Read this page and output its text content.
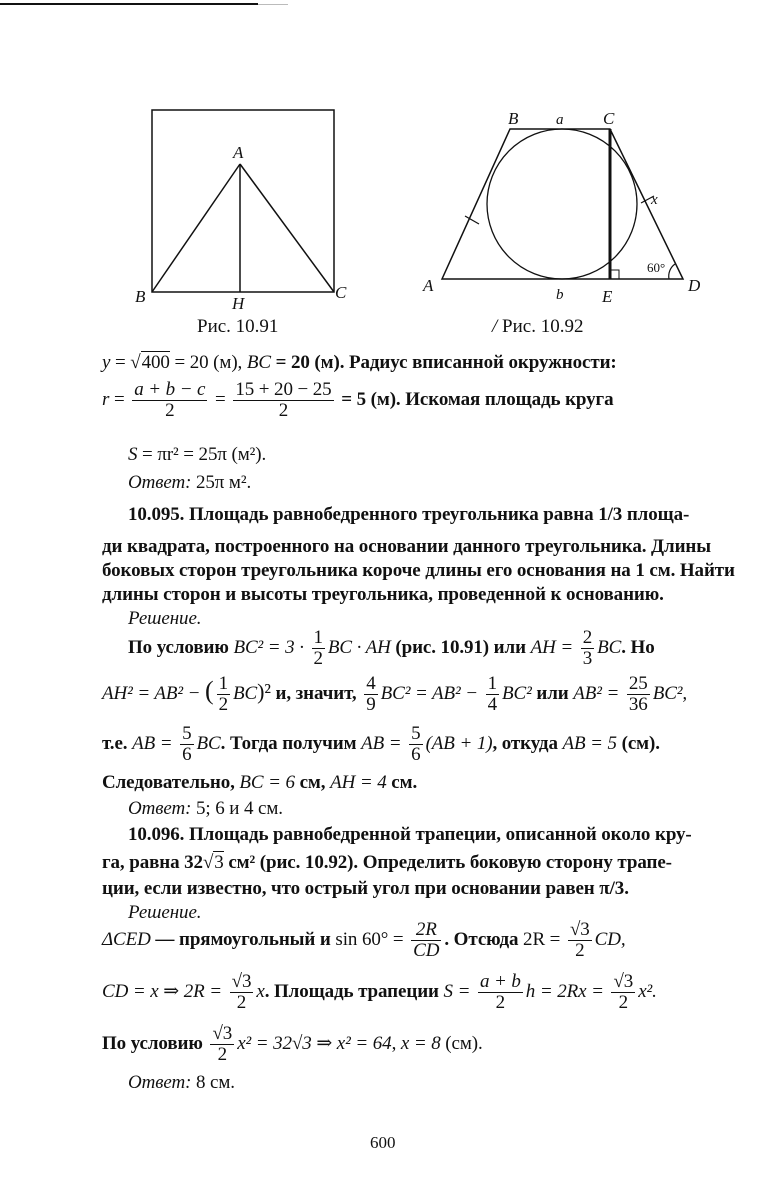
A
B	C
H
Рис. 10.91
B	a C
x
60°
A	b E
D
/ Рис. 10.92
y = √400 = 20 (м), BC = 20 (м). Радиус вписанной окружности:
$r = \frac{a + b - c}{2} = \frac{15 + 20 - 25}{2} = 5$ (м). Искомая площадь круга
S = πr² = 25π (м²).
Ответ: 25π м².
10.095. Площадь равнобедренного треугольника равна 1/3 площа-
ди квадрата, построенного на основании данного треугольника. Длины
боковых сторон треугольника короче длины его основания на 1 см. Найти
длины сторон и высоты треугольника, проведенной к основанию.
Решение.
По условию $BC^2 = 3 \cdot \frac{1}{2}$ BC · AH (рис. 10.91) или AH = $\frac{2}{3}$ BC. Но
AH² = AB² − ( $\frac{1}{2} BC)^2$ и, значит, $\frac{4}{9} BC^2 = AB^2 - \frac{1}{4} BC^2$ или $AB^2 = \frac{25}{36} BC^2$,
т.е. AB = $\frac{5}{6}$ BC. Тогда получим AB = $\frac{5}{6} (AB + 1)$, откуда AB = 5 (см).
Следовательно, BC = 6 см, AH = 4 см.
Ответ: 5; 6 и 4 см.
10.096. Площадь равнобедренной трапеции, описанной около кру-
га, равна 32√3 см² (рис. 10.92). Определить боковую сторону трапе-
ции, если известно, что острый угол при основании равен π/3.
Решение.
ΔCED — прямоугольный и $\sin 60^\circ = \frac{2R}{CD}$ . Отсюда $2R = \frac{√3}{2}$ CD,
CD = x ⇒ $2R = \frac{√3}{2} x$. Площадь трапеции $S = \frac{a + b}{2}$ $h = 2Rx = \frac{√3}{2} x^2$.
По условию $\frac{√3}{2} x^2 = 32√3$ ⇒ x² = 64, x = 8 (см).
Ответ: 8 см.
600
